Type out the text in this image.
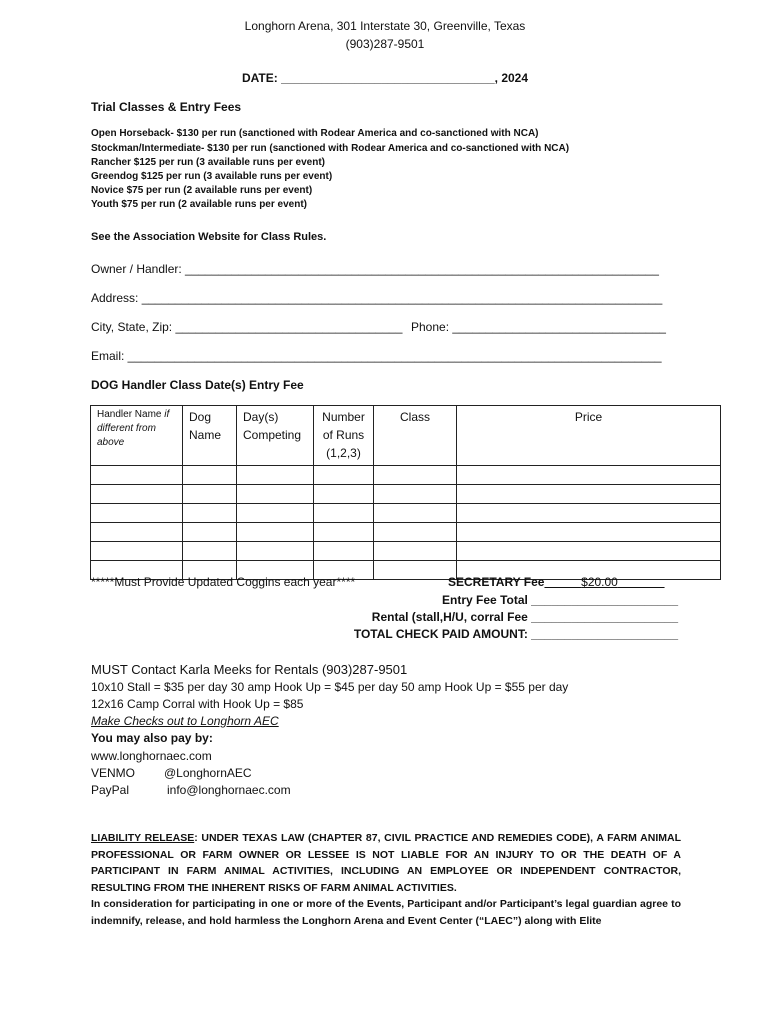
Longhorn Arena, 301 Interstate 30, Greenville, Texas
(903)287-9501
DATE: ________________________________, 2024
Trial Classes & Entry Fees
Open Horseback- $130 per run (sanctioned with Rodear America and co-sanctioned with NCA)
Stockman/Intermediate- $130 per run (sanctioned with Rodear America and co-sanctioned with NCA)
Rancher $125 per run (3 available runs per event)
Greendog $125 per run (3 available runs per event)
Novice $75 per run (2 available runs per event)
Youth $75 per run (2 available runs per event)
See the Association Website for Class Rules.
Owner / Handler: _______________________________________________________________________
Address: ______________________________________________________________________________
City, State, Zip: __________________________________ Phone: ________________________________
Email: ________________________________________________________________________________
DOG Handler Class Date(s) Entry Fee
Handler Name if different from above	Dog Name	Day(s) Competing	Number of Runs (1,2,3)	Class	Price

*****Must Provide Updated Coggins each year****	SECRETARY Fee	$20.00
Entry Fee Total ______________________
Rental (stall,H/U, corral Fee ______________________
TOTAL CHECK PAID AMOUNT: ______________________
MUST Contact Karla Meeks for Rentals (903)287-9501
10x10 Stall = $35 per day 30 amp Hook Up = $45 per day 50 amp Hook Up = $55 per day
12x16 Camp Corral with Hook Up = $85
Make Checks out to Longhorn AEC
You may also pay by:
www.longhornaec.com
VENMO @LonghornAEC
PayPal	info@longhornaec.com
LIABILITY RELEASE: UNDER TEXAS LAW (CHAPTER 87, CIVIL PRACTICE AND REMEDIES CODE), A FARM ANIMAL PROFESSIONAL OR FARM OWNER OR LESSEE IS NOT LIABLE FOR AN INJURY TO OR THE DEATH OF A PARTICIPANT IN FARM ANIMAL ACTIVITIES, INCLUDING AN EMPLOYEE OR INDEPENDENT CONTRACTOR, RESULTING FROM THE INHERENT RISKS OF FARM ANIMAL ACTIVITIES.
In consideration for participating in one or more of the Events, Participant and/or Participant’s legal guardian agree to indemnify, release, and hold harmless the Longhorn Arena and Event Center (“LAEC”) along with Elite
